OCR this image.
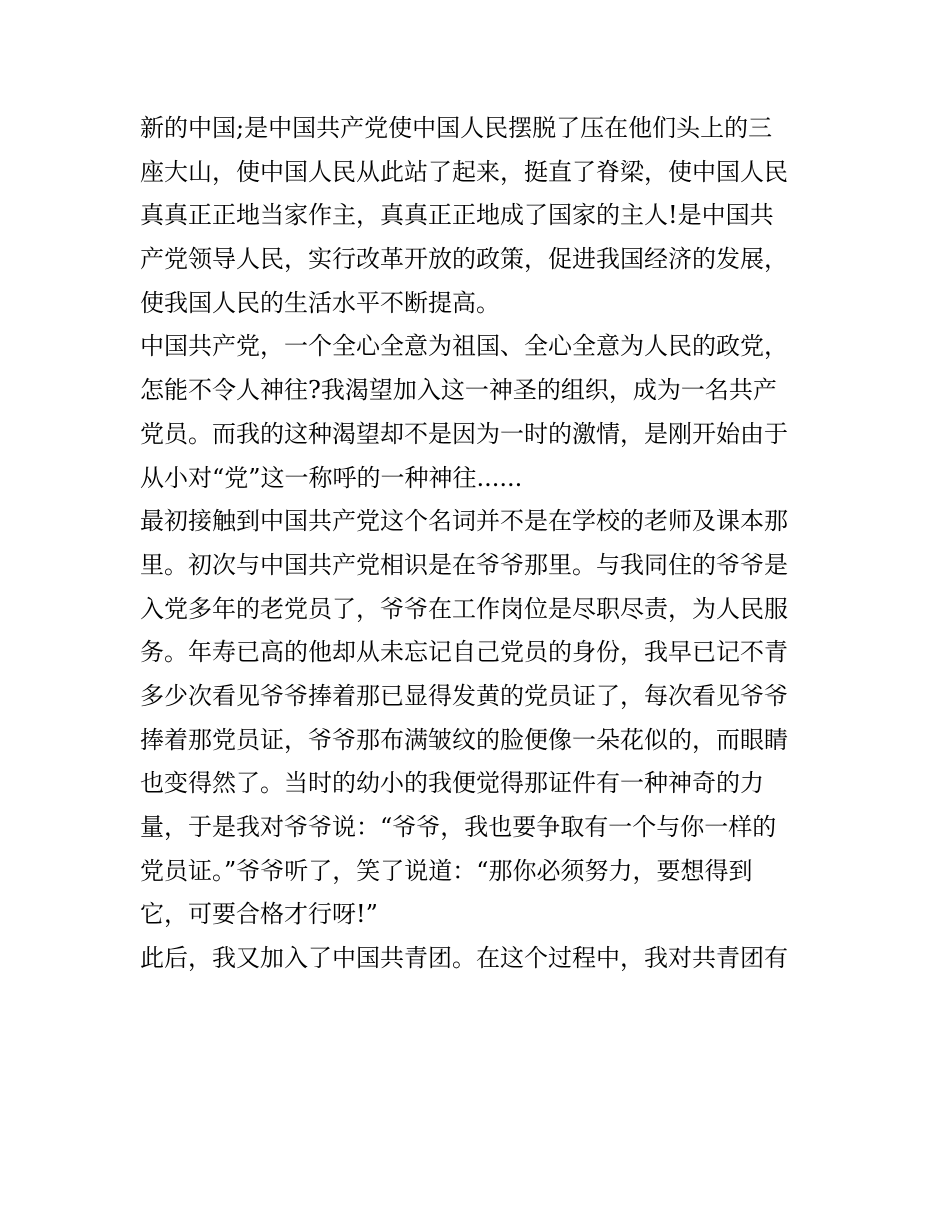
新的中国;是中国共产党使中国人民摆脱了压在他们头上的三
座大山，使中国人民从此站了起来，挺直了脊梁，使中国人民
真真正正地当家作主，真真正正地成了国家的主人!是中国共
产党领导人民，实行改革开放的政策，促进我国经济的发展，
使我国人民的生活水平不断提高。
中国共产党，一个全心全意为祖国、全心全意为人民的政党，
怎能不令人神往?我渴望加入这一神圣的组织，成为一名共产
党员。而我的这种渴望却不是因为一时的激情，是刚开始由于
从小对“党”这一称呼的一种神往......
最初接触到中国共产党这个名词并不是在学校的老师及课本那
里。初次与中国共产党相识是在爷爷那里。与我同住的爷爷是
入党多年的老党员了，爷爷在工作岗位是尽职尽责，为人民服
务。年寿已高的他却从未忘记自己党员的身份，我早已记不青
多少次看见爷爷捧着那已显得发黄的党员证了，每次看见爷爷
捧着那党员证，爷爷那布满皱纹的脸便像一朵花似的，而眼睛
也变得然了。当时的幼小的我便觉得那证件有一种神奇的力
量，于是我对爷爷说：“爷爷，我也要争取有一个与你一样的
党员证。”爷爷听了，笑了说道：“那你必须努力，要想得到
它，可要合格才行呀!”
此后，我又加入了中国共青团。在这个过程中，我对共青团有
